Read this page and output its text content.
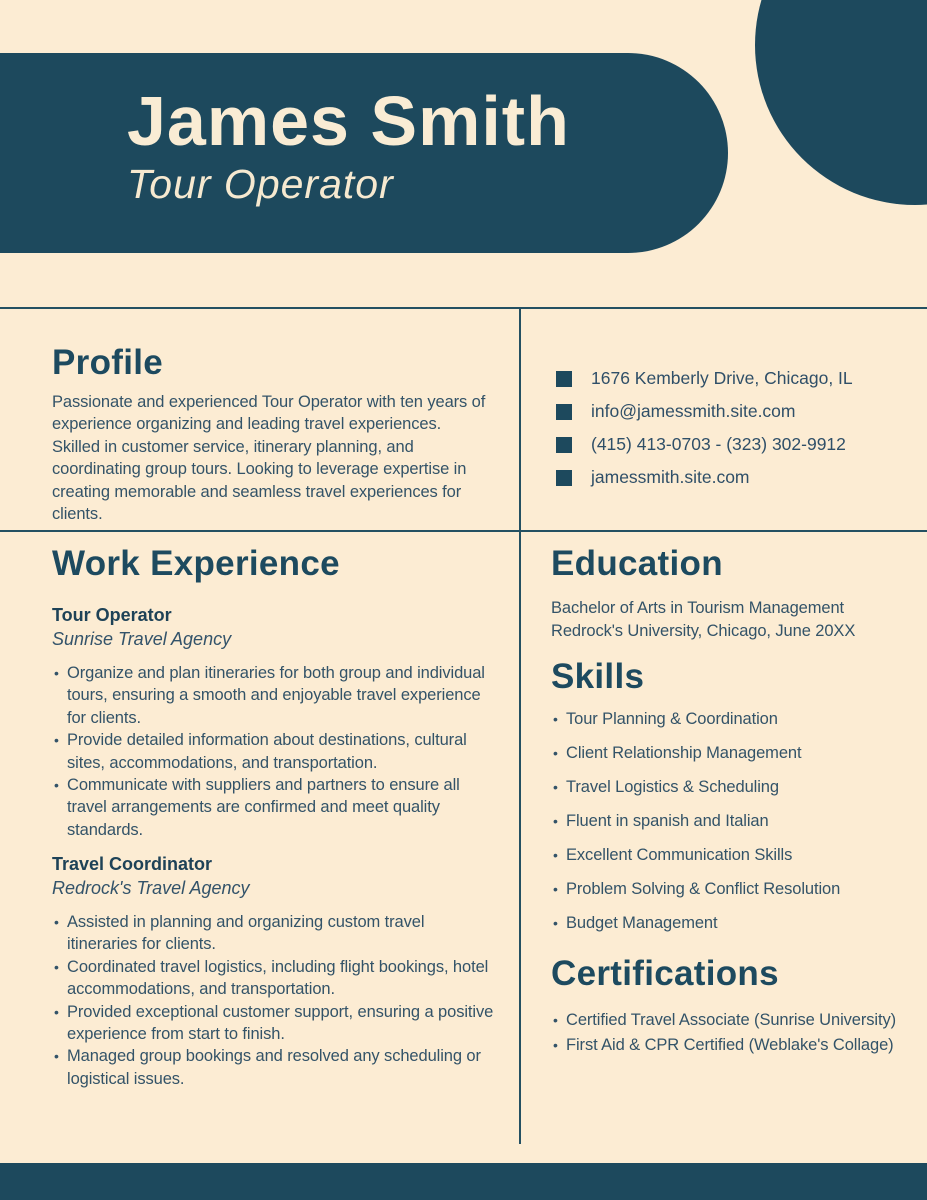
James Smith
Tour Operator
Profile
Passionate and experienced Tour Operator with ten years of experience organizing and leading travel experiences. Skilled in customer service, itinerary planning, and coordinating group tours. Looking to leverage expertise in creating memorable and seamless travel experiences for clients.
1676 Kemberly Drive, Chicago, IL
info@jamessmith.site.com
(415) 413-0703 - (323) 302-9912
jamessmith.site.com
Work Experience
Tour Operator
Sunrise Travel Agency
• Organize and plan itineraries for both group and individual tours, ensuring a smooth and enjoyable travel experience for clients.
• Provide detailed information about destinations, cultural sites, accommodations, and transportation.
• Communicate with suppliers and partners to ensure all travel arrangements are confirmed and meet quality standards.
Travel Coordinator
Redrock's Travel Agency
• Assisted in planning and organizing custom travel itineraries for clients.
• Coordinated travel logistics, including flight bookings, hotel accommodations, and transportation.
• Provided exceptional customer support, ensuring a positive experience from start to finish.
• Managed group bookings and resolved any scheduling or logistical issues.
Education
Bachelor of Arts in Tourism Management
Redrock's University, Chicago, June 20XX
Skills
• Tour Planning & Coordination
• Client Relationship Management
• Travel Logistics & Scheduling
• Fluent in spanish and Italian
• Excellent Communication Skills
• Problem Solving & Conflict Resolution
• Budget Management
Certifications
• Certified Travel Associate (Sunrise University)
• First Aid & CPR Certified (Weblake's Collage)
